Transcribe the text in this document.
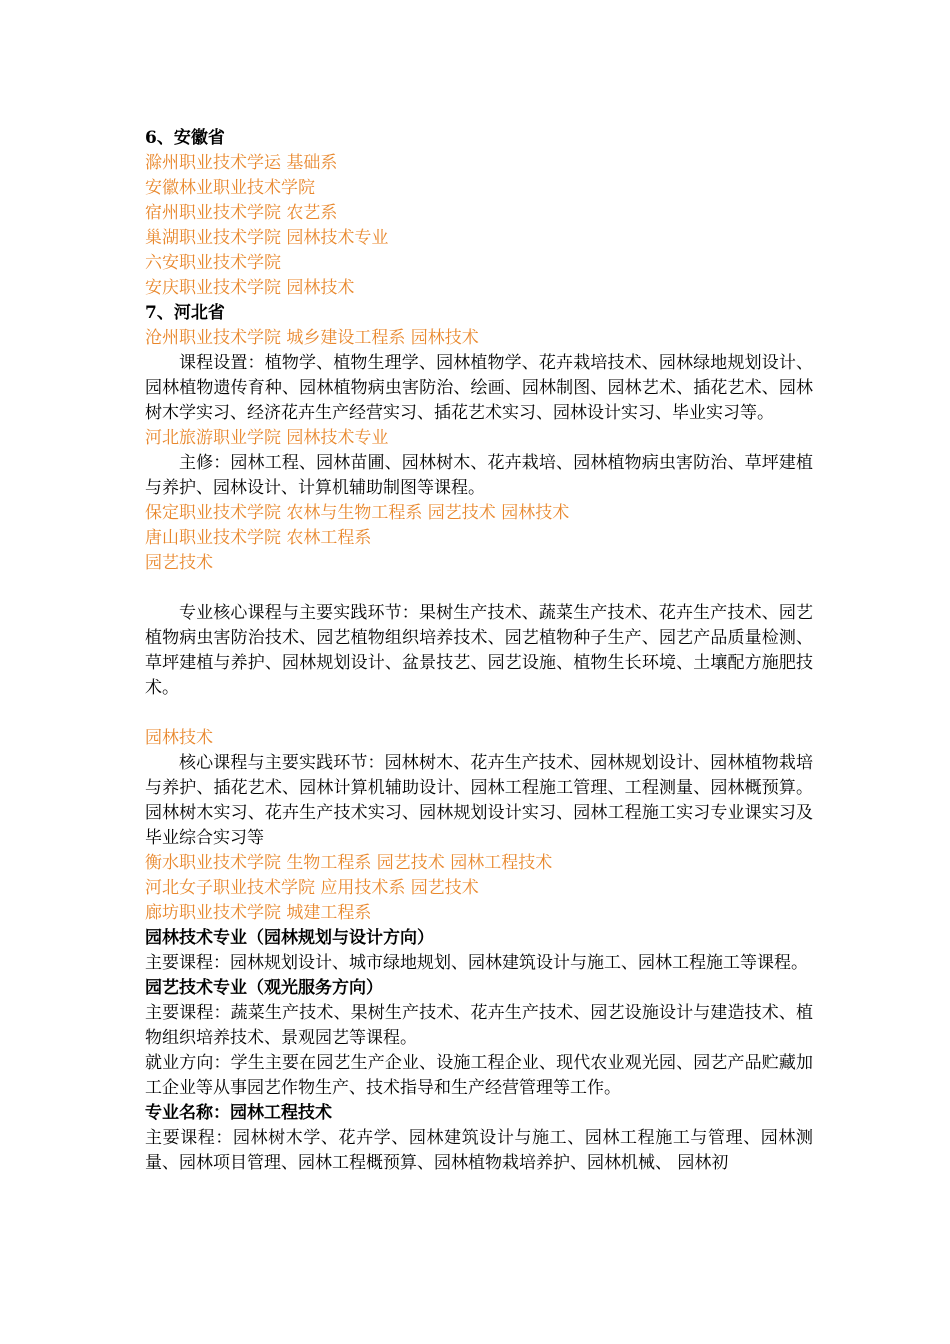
6、安徽省
滁州职业技术学运 基础系
安徽林业职业技术学院
宿州职业技术学院 农艺系
巢湖职业技术学院 园林技术专业
六安职业技术学院
安庆职业技术学院 园林技术
7、河北省
沧州职业技术学院 城乡建设工程系 园林技术
课程设置：植物学、植物生理学、园林植物学、花卉栽培技术、园林绿地规划设计、园林植物遗传育种、园林植物病虫害防治、绘画、园林制图、园林艺术、插花艺术、园林树木学实习、经济花卉生产经营实习、插花艺术实习、园林设计实习、毕业实习等。
河北旅游职业学院 园林技术专业
主修：园林工程、园林苗圃、园林树木、花卉栽培、园林植物病虫害防治、草坪建植与养护、园林设计、计算机辅助制图等课程。
保定职业技术学院 农林与生物工程系 园艺技术 园林技术
唐山职业技术学院 农林工程系
园艺技术
专业核心课程与主要实践环节：果树生产技术、蔬菜生产技术、花卉生产技术、园艺植物病虫害防治技术、园艺植物组织培养技术、园艺植物种子生产、园艺产品质量检测、草坪建植与养护、园林规划设计、盆景技艺、园艺设施、植物生长环境、土壤配方施肥技术。
园林技术
核心课程与主要实践环节：园林树木、花卉生产技术、园林规划设计、园林植物栽培与养护、插花艺术、园林计算机辅助设计、园林工程施工管理、工程测量、园林概预算。园林树木实习、花卉生产技术实习、园林规划设计实习、园林工程施工实习专业课实习及毕业综合实习等
衡水职业技术学院 生物工程系 园艺技术 园林工程技术
河北女子职业技术学院 应用技术系 园艺技术
廊坊职业技术学院 城建工程系
园林技术专业（园林规划与设计方向）
主要课程：园林规划设计、城市绿地规划、园林建筑设计与施工、园林工程施工等课程。
园艺技术专业（观光服务方向）
主要课程：蔬菜生产技术、果树生产技术、花卉生产技术、园艺设施设计与建造技术、植物组织培养技术、景观园艺等课程。
就业方向：学生主要在园艺生产企业、设施工程企业、现代农业观光园、园艺产品贮藏加工企业等从事园艺作物生产、技术指导和生产经营管理等工作。
专业名称：园林工程技术
主要课程：园林树木学、花卉学、园林建筑设计与施工、园林工程施工与管理、园林测量、园林项目管理、园林工程概预算、园林植物栽培养护、园林机械、 园林初
